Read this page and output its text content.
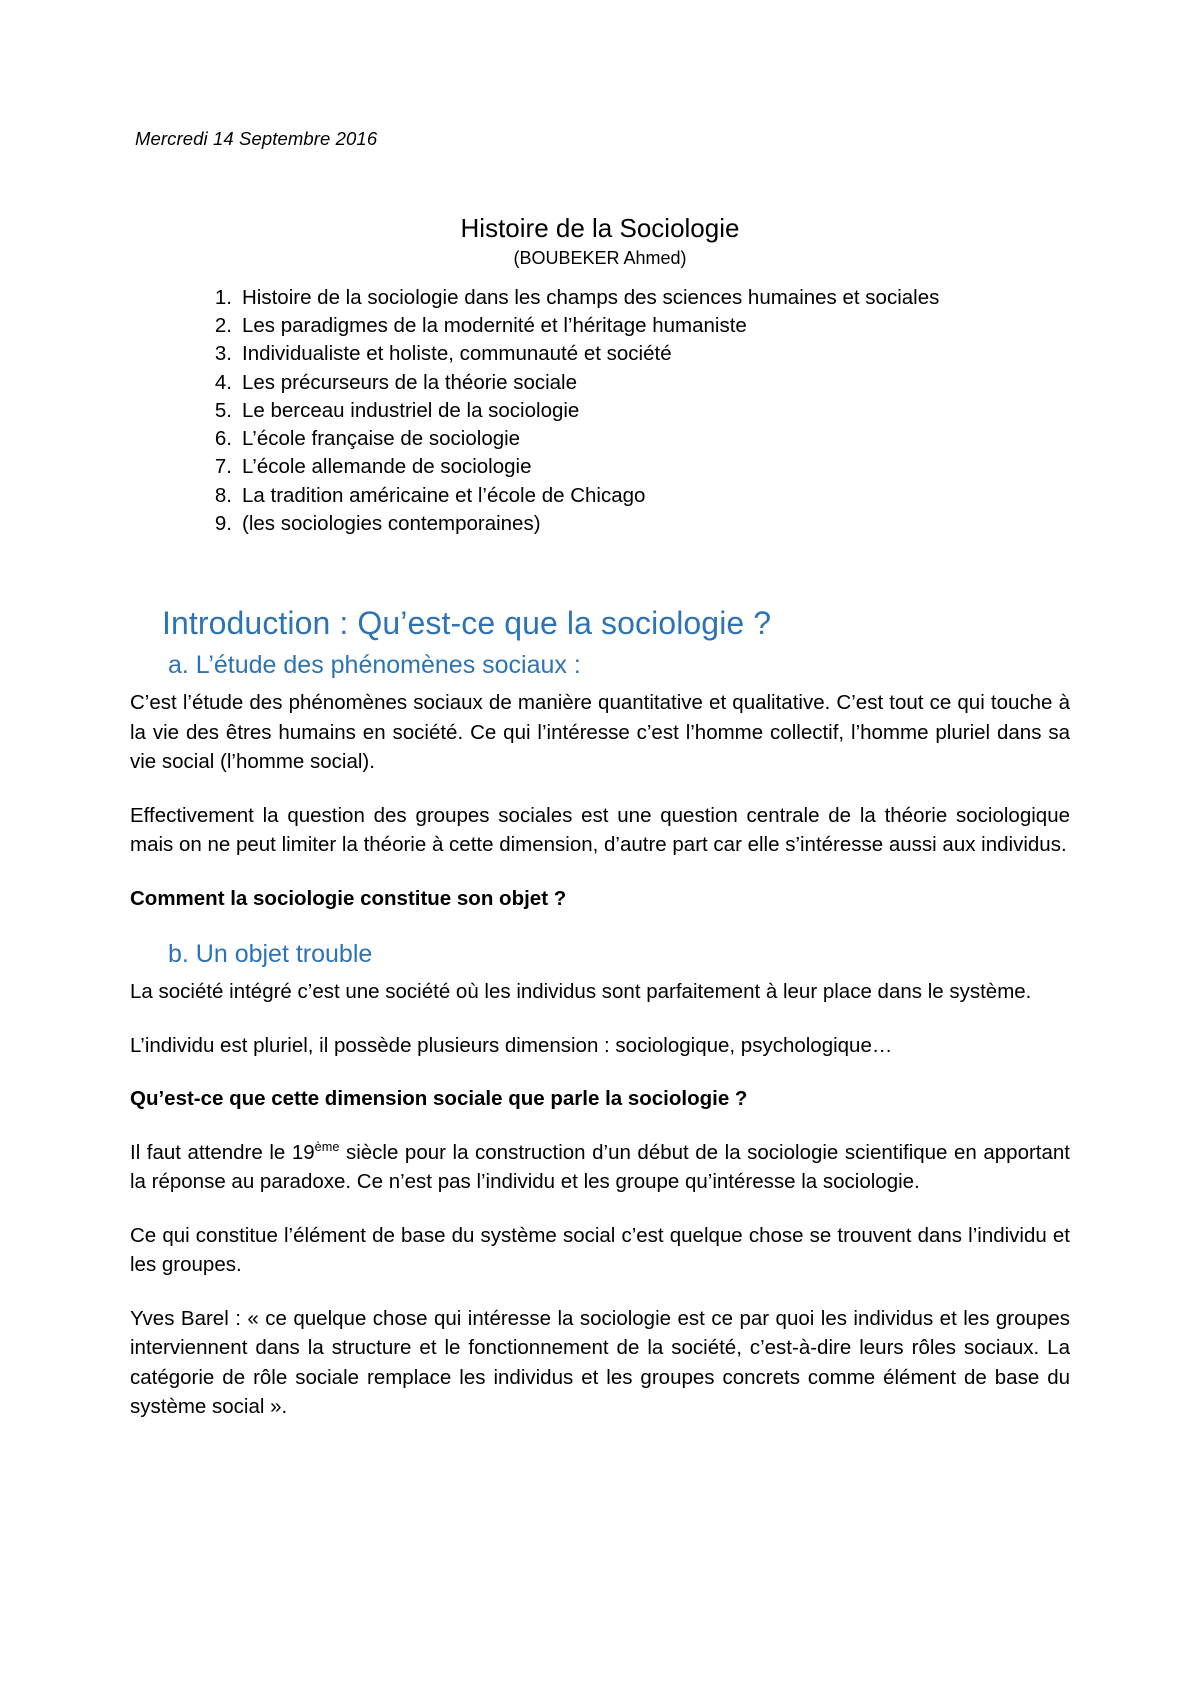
Mercredi 14 Septembre 2016
Histoire de la Sociologie
(BOUBEKER Ahmed)
Histoire de la sociologie dans les champs des sciences humaines et sociales
Les paradigmes de la modernité et l’héritage humaniste
Individualiste et holiste, communauté et société
Les précurseurs de la théorie sociale
Le berceau industriel de la sociologie
L’école française de sociologie
L’école allemande de sociologie
La tradition américaine et l’école de Chicago
(les sociologies contemporaines)
Introduction : Qu’est-ce que la sociologie ?
a. L’étude des phénomènes sociaux :

C’est l’étude des phénomènes sociaux de manière quantitative et qualitative. C’est tout ce qui touche à la vie des êtres humains en société. Ce qui l’intéresse c’est l’homme collectif, l’homme pluriel dans sa vie social (l’homme social).

Effectivement la question des groupes sociales est une question centrale de la théorie sociologique mais on ne peut limiter la théorie à cette dimension, d’autre part car elle s’intéresse aussi aux individus.

Comment la sociologie constitue son objet ?

b. Un objet trouble

La société intégré c’est une société où les individus sont parfaitement à leur place dans le système.

L’individu est pluriel, il possède plusieurs dimension : sociologique, psychologique…

Qu’est-ce que cette dimension sociale que parle la sociologie ?

Il faut attendre le 19ème siècle pour la construction d’un début de la sociologie scientifique en apportant la réponse au paradoxe. Ce n’est pas l’individu et les groupe qu’intéresse la sociologie.

Ce qui constitue l’élément de base du système social c’est quelque chose se trouvent dans l’individu et les groupes.

Yves Barel : « ce quelque chose qui intéresse la sociologie est ce par quoi les individus et les groupes interviennent dans la structure et le fonctionnement de la société, c’est-à-dire leurs rôles sociaux. La catégorie de rôle sociale remplace les individus et les groupes concrets comme élément de base du système social ».
